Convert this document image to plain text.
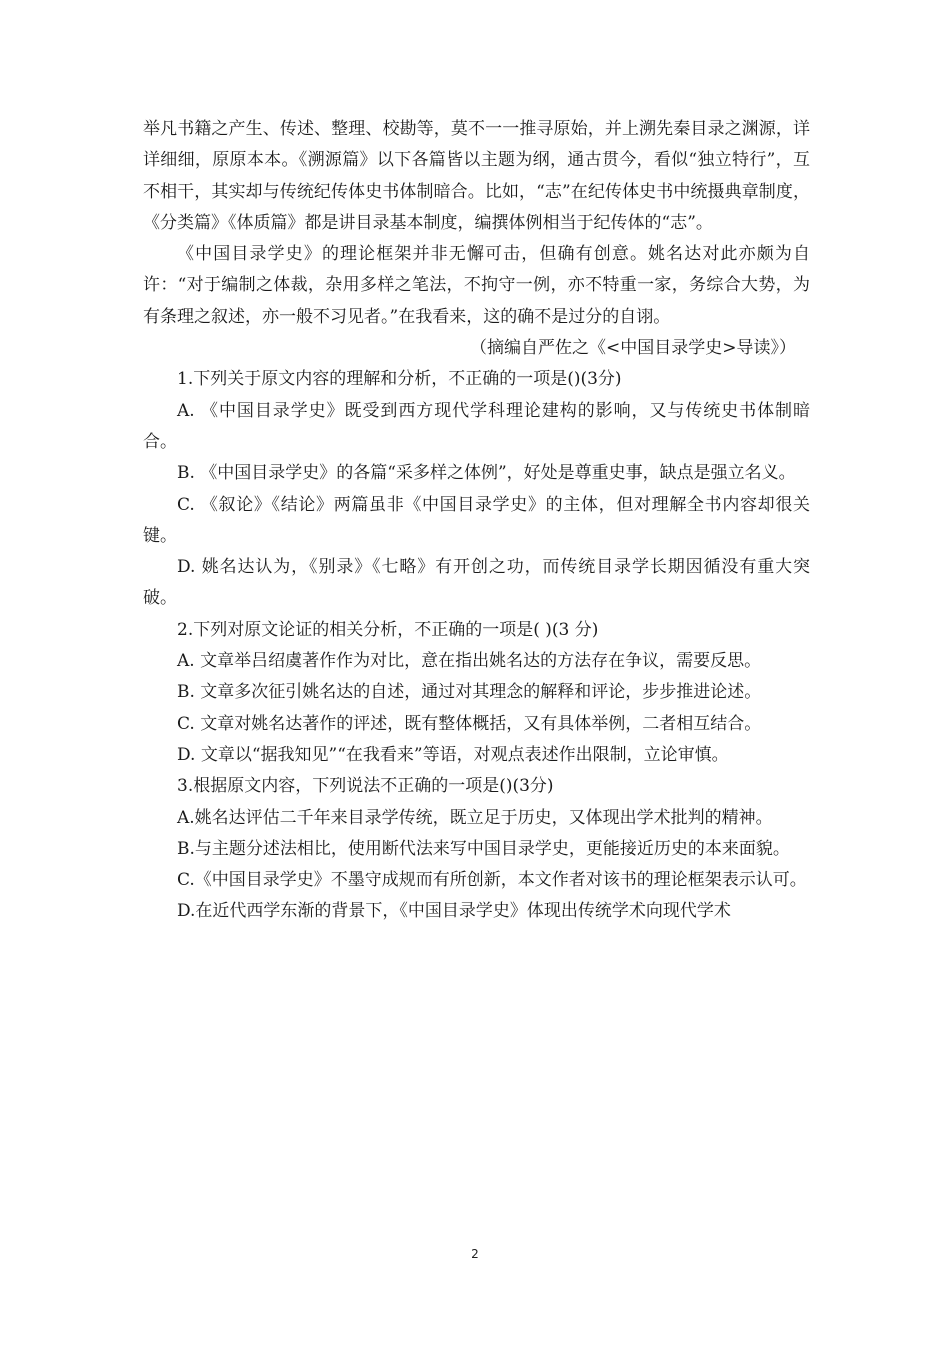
举凡书籍之产生、传述、整理、校勘等，莫不一一推寻原始，并上溯先秦目录之渊源，详详细细，原原本本。《溯源篇》以下各篇皆以主题为纲，通古贯今，看似“独立特行”，互不相干，其实却与传统纪传体史书体制暗合。比如，“志”在纪传体史书中统摄典章制度，《分类篇》《体质篇》都是讲目录基本制度，编撰体例相当于纪传体的“志”。

《中国目录学史》的理论框架并非无懈可击，但确有创意。姚名达对此亦颇为自许：“对于编制之体裁，杂用多样之笔法，不拘守一例，亦不特重一家，务综合大势，为有条理之叙述，亦一般不习见者。”在我看来，这的确不是过分的自诩。

（摘编自严佐之《<中国目录学史>导读》）

1.下列关于原文内容的理解和分析，不正确的一项是()(3分)

A. 《中国目录学史》既受到西方现代学科理论建构的影响，又与传统史书体制暗合。

B. 《中国目录学史》的各篇“采多样之体例”，好处是尊重史事，缺点是强立名义。

C. 《叙论》《结论》两篇虽非《中国目录学史》的主体，但对理解全书内容却很关键。

D. 姚名达认为，《别录》《七略》有开创之功，而传统目录学长期因循没有重大突破。

2.下列对原文论证的相关分析，不正确的一项是( )(3 分)

A. 文章举吕绍虞著作作为对比，意在指出姚名达的方法存在争议，需要反思。

B. 文章多次征引姚名达的自述，通过对其理念的解释和评论，步步推进论述。

C. 文章对姚名达著作的评述，既有整体概括，又有具体举例，二者相互结合。

D. 文章以“据我知见”“在我看来”等语，对观点表述作出限制，立论审慎。

3.根据原文内容，下列说法不正确的一项是()(3分)

A.姚名达评估二千年来目录学传统，既立足于历史，又体现出学术批判的精神。

B.与主题分述法相比，使用断代法来写中国目录学史，更能接近历史的本来面貌。

C.《中国目录学史》不墨守成规而有所创新，本文作者对该书的理论框架表示认可。

D.在近代西学东渐的背景下，《中国目录学史》体现出传统学术向现代学术

2
